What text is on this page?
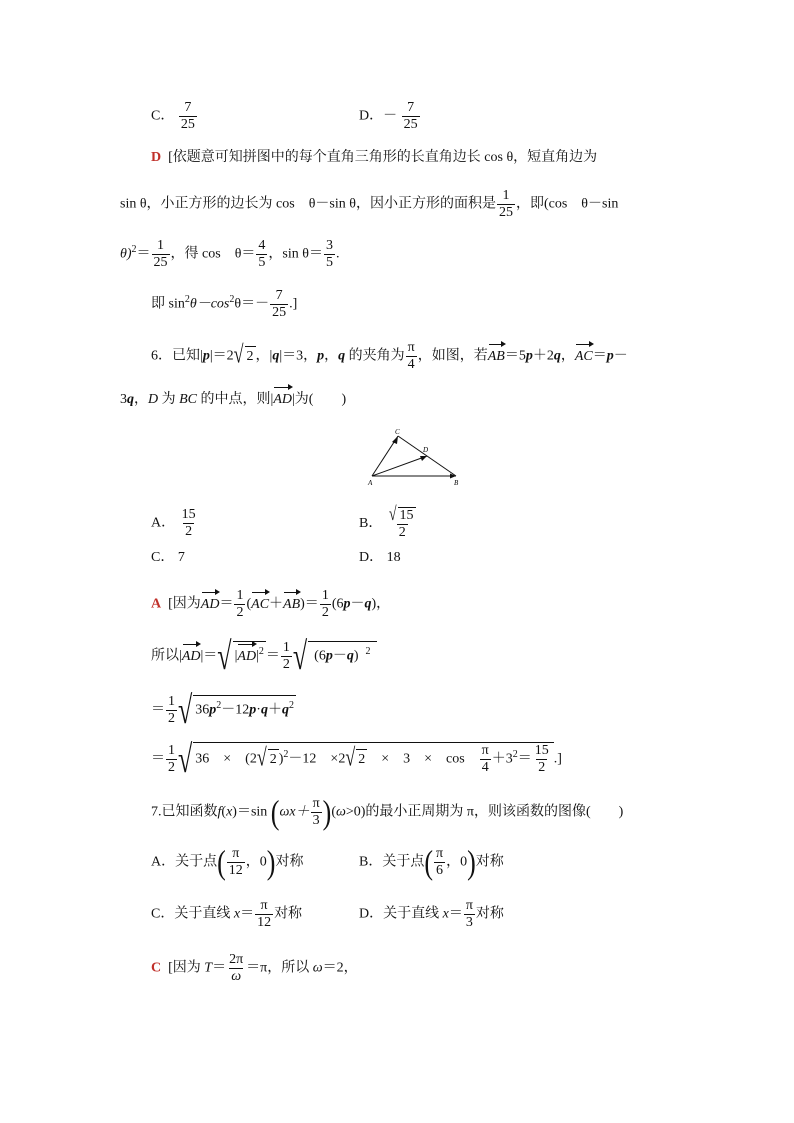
C． $\frac{7}{25}$	D．－ $\frac{7}{25}$
D [依题意可知拼图中的每个直角三角形的长直角边长 cos θ，短直角边为
sin θ，小正方形的边长为 cos　θ－sin θ，因小正方形的面积是 $\frac{1}{25}$ ，即(cos　θ－sin
$\theta)^2= \frac{1}{25}$ ，得 cos　$\theta= \frac{4}{5}$ ，$\sin \theta= \frac{3}{5}$ .
即 $\sin^2\theta-\cos^2\theta=- \frac{7}{25}$ .]
6．已知|p|＝2√ 2 ，|q|＝3，p，q 的夹角为 $\frac{\pi}{4}$ ，如图，若AB＝5p＋2q，AC＝p－
3q，D 为 BC 的中点，则|AD|为(　　)
C
D
A	B
A． $\frac{15}{2}$	B． $\frac{√ 15}{2}$
C． 7	D． 18
A [因为$AD= \frac{1}{2} (AC+AB)= \frac{1}{2} (6p-q)$，
所以|AD|＝√ $|AD|^2 = \frac{1}{2}$ √ (6p－q) $^2$
＝ $\frac{1}{2}$ √ $36p^2-12p\cdot q+q^2$
＝ $\frac{1}{2}$ √ 36　×　(2√ 2 )$^2$－12　×2√ 2　×　3　×　cos　 $\frac{\pi}{4} +3^2= \frac{15}{2}$ .]
7.已知函数f(x)＝sin $(\omega x+ \frac{\pi}{3} )(\omega>0)$的最小正周期为 π，则该函数的图像(　　)
A．关于点( $\frac{\pi}{12}$ ，0)对称	B．关于点( $\frac{\pi}{6}$ ，0)对称
C．关于直线 $x= \frac{\pi}{12}$ 对称	D．关于直线 $x= \frac{\pi}{3}$ 对称
C [因为 $T= \frac{2\pi}{\omega} =\pi$，所以 ω＝2，
